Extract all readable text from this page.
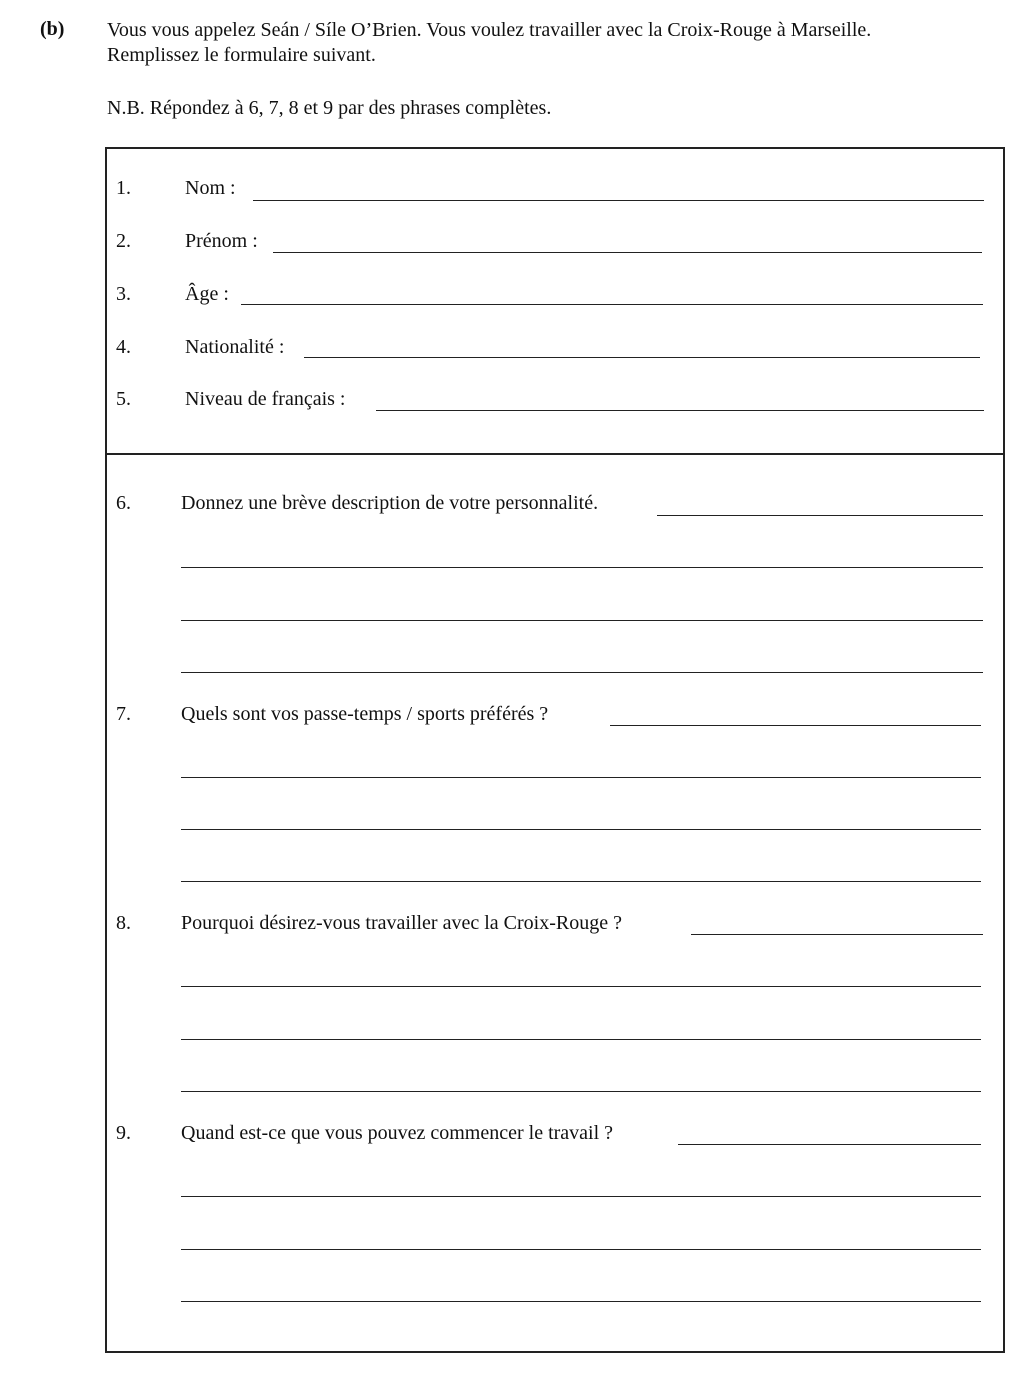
(b) Vous vous appelez Seán / Síle O’Brien. Vous voulez travailler avec la Croix-Rouge à Marseille.
Remplissez le formulaire suivant.
N.B. Répondez à 6, 7, 8 et 9 par des phrases complètes.
1.	Nom :
2.	Prénom :
3.	Âge :
4.	Nationalité :
5.	Niveau de français :
6.	Donnez une brève description de votre personnalité.
7.	Quels sont vos passe-temps / sports préférés ?
8.	Pourquoi désirez-vous travailler avec la Croix-Rouge ?
9.	Quand est-ce que vous pouvez commencer le travail ?
